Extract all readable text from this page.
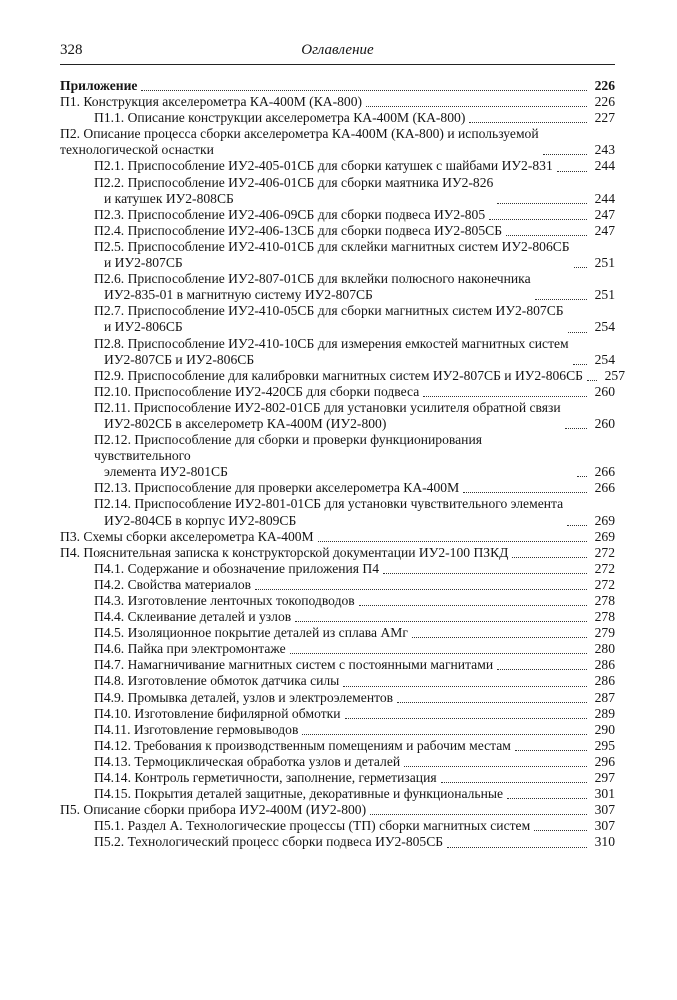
328	Оглавление
Приложение	226
П1. Конструкция акселерометра КА-400М (КА-800)	226
П1.1. Описание конструкции акселерометра КА-400М (КА-800)	227
П2. Описание процесса сборки акселерометра КА-400М (КА-800) и используемой
технологической оснастки	243
П2.1. Приспособление ИУ2-405-01СБ для сборки катушек с шайбами ИУ2-831	244
П2.2. Приспособление ИУ2-406-01СБ для сборки маятника ИУ2-826
и катушек ИУ2-808СБ	244
П2.3. Приспособление ИУ2-406-09СБ для сборки подвеса ИУ2-805	247
П2.4. Приспособление ИУ2-406-13СБ для сборки подвеса ИУ2-805СБ	247
П2.5. Приспособление ИУ2-410-01СБ для склейки магнитных систем ИУ2-806СБ
и ИУ2-807СБ	251
П2.6. Приспособление ИУ2-807-01СБ для вклейки полюсного наконечника
ИУ2-835-01 в магнитную систему ИУ2-807СБ	251
П2.7. Приспособление ИУ2-410-05СБ для сборки магнитных систем ИУ2-807СБ
и ИУ2-806СБ	254
П2.8. Приспособление ИУ2-410-10СБ для измерения емкостей магнитных систем
ИУ2-807СБ и ИУ2-806СБ	254
П2.9. Приспособление для калибровки магнитных систем ИУ2-807СБ и ИУ2-806СБ 257
П2.10. Приспособление ИУ2-420СБ для сборки подвеса	260
П2.11. Приспособление ИУ2-802-01СБ для установки усилителя обратной связи
ИУ2-802СБ в акселерометр КА-400М (ИУ2-800)	260
П2.12. Приспособление для сборки и проверки функционирования чувствительного
элемента ИУ2-801СБ	266
П2.13. Приспособление для проверки акселерометра КА-400М	266
П2.14. Приспособление ИУ2-801-01СБ для установки чувствительного элемента
ИУ2-804СБ в корпус ИУ2-809СБ	269
П3. Схемы сборки акселерометра КА-400М	269
П4. Пояснительная записка к конструкторской документации ИУ2-100 ПЗКД	272
П4.1. Содержание и обозначение приложения П4	272
П4.2. Свойства материалов	272
П4.3. Изготовление ленточных токоподводов	278
П4.4. Склеивание деталей и узлов	278
П4.5. Изоляционное покрытие деталей из сплава АМг	279
П4.6. Пайка при электромонтаже	280
П4.7. Намагничивание магнитных систем с постоянными магнитами	286
П4.8. Изготовление обмоток датчика силы	286
П4.9. Промывка деталей, узлов и электроэлементов	287
П4.10. Изготовление бифилярной обмотки	289
П4.11. Изготовление гермовыводов	290
П4.12. Требования к производственным помещениям и рабочим местам	295
П4.13. Термоциклическая обработка узлов и деталей	296
П4.14. Контроль герметичности, заполнение, герметизация	297
П4.15. Покрытия деталей защитные, декоративные и функциональные	301
П5. Описание сборки прибора ИУ2-400М (ИУ2-800)	307
П5.1. Раздел А. Технологические процессы (ТП) сборки магнитных систем	307
П5.2. Технологический процесс сборки подвеса ИУ2-805СБ	310
